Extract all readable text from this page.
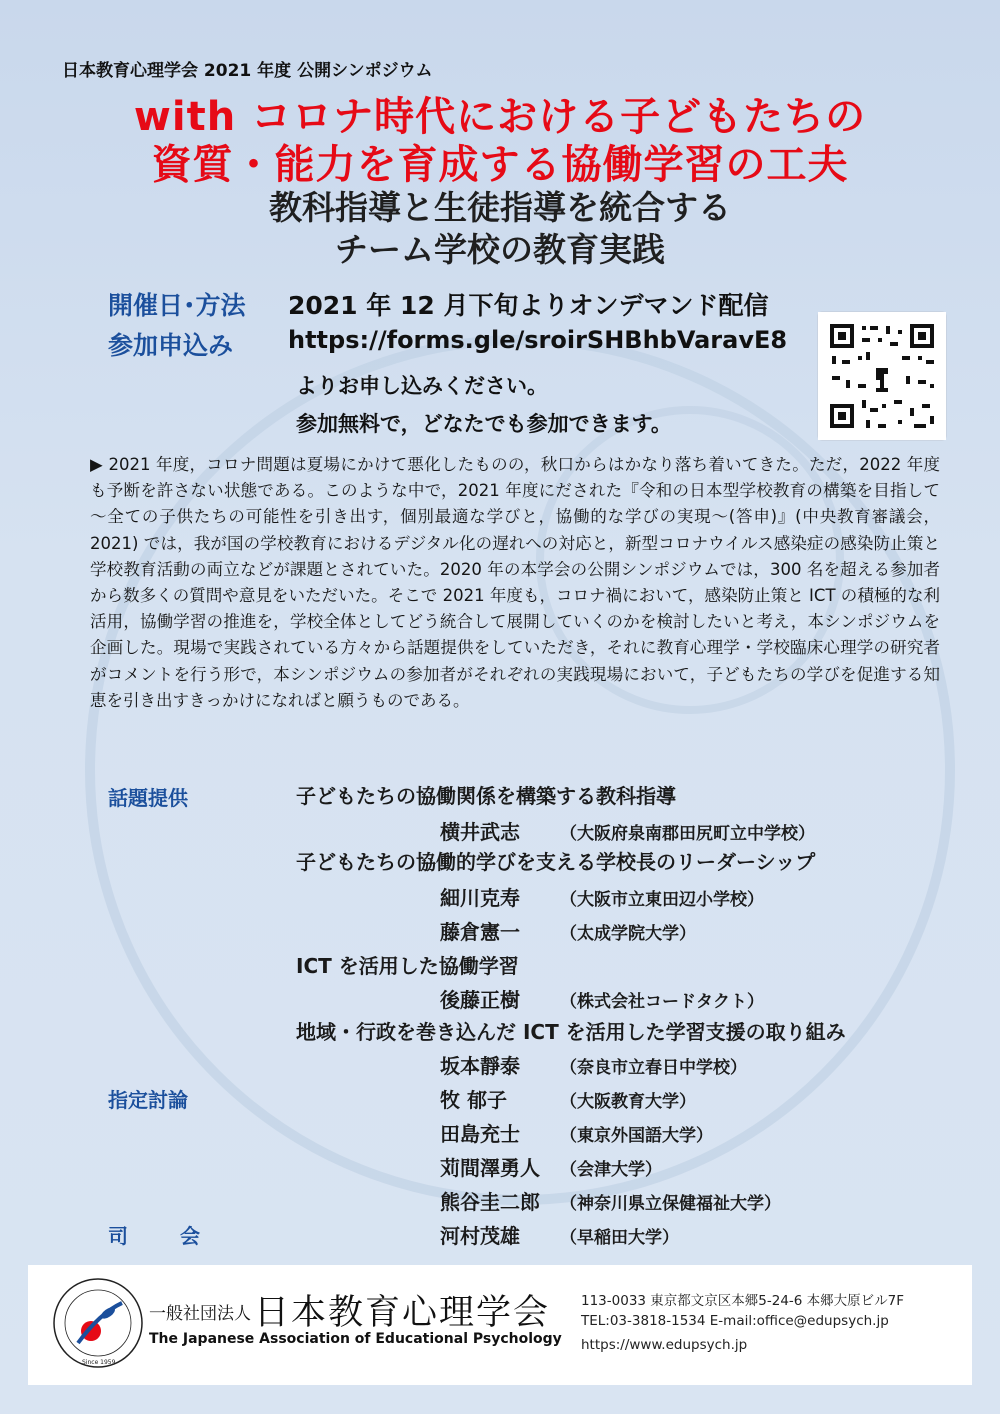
日本教育心理学会 2021 年度 公開シンポジウム
with コロナ時代における子どもたちの
資質・能力を育成する協働学習の工夫
教科指導と生徒指導を統合する
チーム学校の教育実践
開催日･方法 2021 年 12 月下旬よりオンデマンド配信
参加申込み https://forms.gle/sroirSHBhbVaravE8
よりお申し込みください。
参加無料で，どなたでも参加できます。
▶ 2021 年度，コロナ問題は夏場にかけて悪化したものの，秋口からはかなり落ち着いてきた。ただ，2022 年度も予断を許さない状態である。このような中で，2021 年度にだされた『令和の日本型学校教育の構築を目指して～全ての子供たちの可能性を引き出す，個別最適な学びと，協働的な学びの実現～(答申)』(中央教育審議会，2021) では，我が国の学校教育におけるデジタル化の遅れへの対応と，新型コロナウイルス感染症の感染防止策と学校教育活動の両立などが課題とされていた。2020 年の本学会の公開シンポジウムでは，300 名を超える参加者から数多くの質問や意見をいただいた。そこで 2021 年度も，コロナ禍において，感染防止策と ICT の積極的な利活用，協働学習の推進を，学校全体としてどう統合して展開していくのかを検討したいと考え，本シンポジウムを企画した。現場で実践されている方々から話題提供をしていただき，それに教育心理学・学校臨床心理学の研究者がコメントを行う形で，本シンポジウムの参加者がそれぞれの実践現場において，子どもたちの学びを促進する知恵を引き出すきっかけになればと願うものである。
話題提供	子どもたちの協働関係を構築する教科指導
横井武志 （大阪府泉南郡田尻町立中学校）
子どもたちの協働的学びを支える学校長のリーダーシップ
細川克寿 （大阪市立東田辺小学校）
藤倉憲一 （太成学院大学）
ICT を活用した協働学習
後藤正樹 （株式会社コードタクト）
地域・行政を巻き込んだ ICT を活用した学習支援の取り組み
坂本靜泰 （奈良市立春日中学校）
指定討論	牧 郁子	（大阪教育大学）
田島充士 （東京外国語大学）
苅間澤勇人 （会津大学）
熊谷圭二郎 （神奈川県立保健福祉大学）
司	会	河村茂雄 （早稲田大学）
Since 1959
一般社団法人 日本教育心理学会
The Japanese Association of Educational Psychology
113-0033 東京都文京区本郷5-24-6 本郷大原ビル7F
TEL:03-3818-1534 E-mail:office@edupsych.jp
https://www.edupsych.jp
